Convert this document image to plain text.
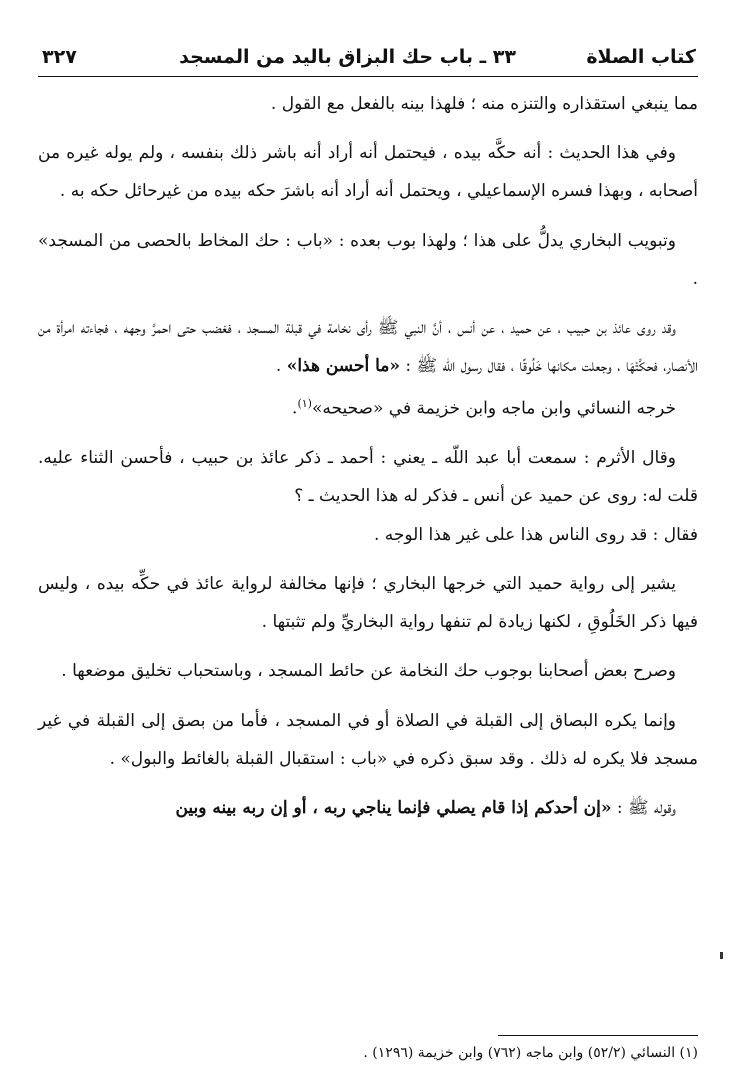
كتاب الصلاة
٣٣ ـ باب حك البزاق باليد من المسجد
٣٢٧

مما ينبغي استقذاره والتنزه منه ؛ فلهذا بينه بالفعل مع القول .

وفي هذا الحديث : أنه حكَّه بيده ، فيحتمل أنه أراد أنه باشر ذلك بنفسه ، ولم يوله غيره من أصحابه ، وبهذا فسره الإسماعيلي ، ويحتمل أنه أراد أنه باشرَ حكه بيده من غيرحائل حكه به .

وتبويب البخاري يدلُّ على هذا ؛ ولهذا بوب بعده : «باب : حك المخاط بالحصى من المسجد» .

وقد روى عائذ بن حبيب ، عن حميد ، عن أنس ، أنَّ النبي ﷺ رأى نخامة في قبلة المسجد ، فغضب حتى احمرَّ وجهه ، فجاءته امرأة من الأنصار، فحكَّتْهَا ، وجعلت مكانها خَلُوقًا ، فقال رسول الله ﷺ : «ما أحسن هذا» .

خرجه النسائي وابن ماجه وابن خزيمة في «صحيحه»$^{(١)}$.

وقال الأثرم : سمعت أبا عبد اللّه ـ يعني : أحمد ـ ذكر عائذ بن حبيب ، فأحسن الثناء عليه. قلت له: روى عن حميد عن أنس ـ فذكر له هذا الحديث ـ ؟

فقال : قد روى الناس هذا على غير هذا الوجه .

يشير إلى رواية حميد التي خرجها البخاري ؛ فإنها مخالفة لرواية عائذ في حكِّه بيده ، وليس فيها ذكر الخَلُوقِ ، لكنها زيادة لم تنفها رواية البخاريِّ ولم تثبتها .

وصرح بعض أصحابنا بوجوب حك النخامة عن حائط المسجد ، وباستحباب تخليق موضعها .

وإنما يكره البصاق إلى القبلة في الصلاة أو في المسجد ، فأما من بصق إلى القبلة في غير مسجد فلا يكره له ذلك . وقد سبق ذكره في «باب : استقبال القبلة بالغائط والبول» .

وقوله ﷺ : «إن أحدكم إذا قام يصلي فإنما يناجي ربه ، أو إن ربه بينه وبين

(١) النسائي (٥٢/٢) وابن ماجه (٧٦٢) وابن خزيمة (١٢٩٦) .
